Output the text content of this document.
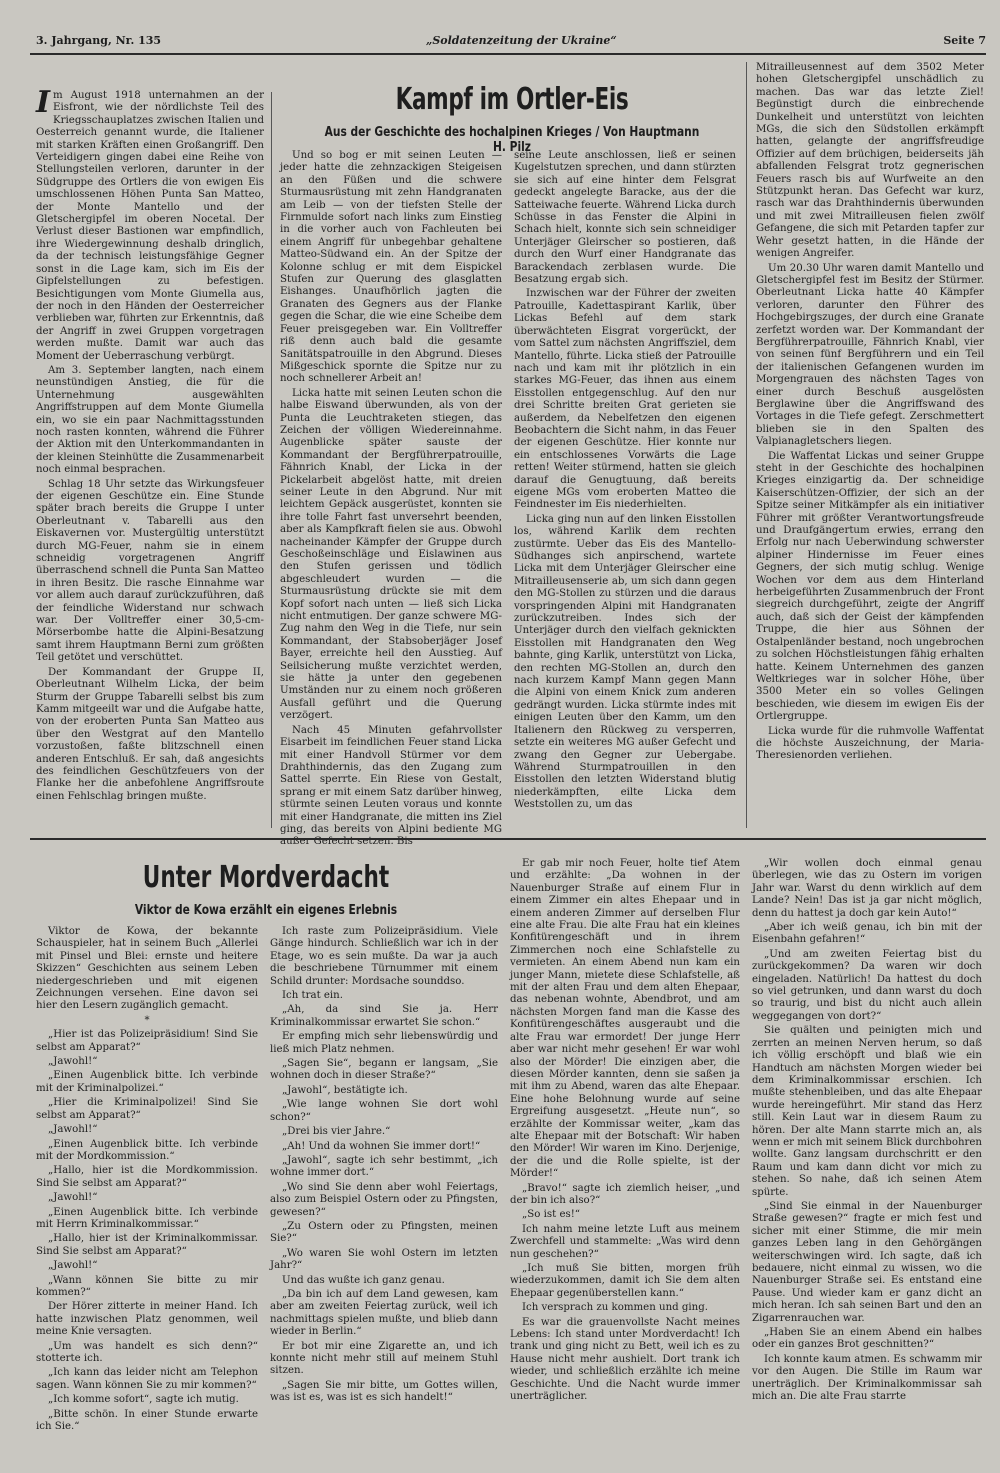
3. Jahrgang, Nr. 135	„Soldatenzeitung der Ukraine“	Seite 7
Kampf im Ortler-Eis
Aus der Geschichte des hochalpinen Krieges / Von Hauptmann H. Pilz

Im August 1918 unternahmen an der Eisfront, wie der nördlichste Teil des Kriegsschauplatzes zwischen Italien und Oesterreich genannt wurde, die Italiener mit starken Kräften einen Großangriff. Den Verteidigern gingen dabei eine Reihe von Stellungsteilen verloren, darunter in der Südgruppe des Ortlers die von ewigen Eis umschlossenen Höhen Punta San Matteo, der Monte Mantello und der Gletschergipfel im oberen Nocetal. Der Verlust dieser Bastionen war empfindlich, ihre Wiedergewinnung deshalb dringlich, da der technisch leistungsfähige Gegner sonst in die Lage kam, sich im Eis der Gipfelstellungen zu befestigen. Besichtigungen vom Monte Giumella aus, der noch in den Händen der Oesterreicher verblieben war, führten zur Erkenntnis, daß der Angriff in zwei Gruppen vorgetragen werden mußte. Damit war auch das Moment der Ueberraschung verbürgt.

Am 3. September langten, nach einem neunstündigen Anstieg, die für die Unternehmung ausgewählten Angriffstruppen auf dem Monte Giumella ein, wo sie ein paar Nachmittagsstunden noch rasten konnten, während die Führer der Aktion mit den Unterkommandanten in der kleinen Steinhütte die Zusammenarbeit noch einmal besprachen.

Schlag 18 Uhr setzte das Wirkungsfeuer der eigenen Geschütze ein. Eine Stunde später brach bereits die Gruppe I unter Oberleutnant v. Tabarelli aus den Eiskavernen vor. Mustergültig unterstützt durch MG-Feuer, nahm sie in einem schneidig vorgetragenen Angriff überraschend schnell die Punta San Matteo in ihren Besitz. Die rasche Einnahme war vor allem auch darauf zurückzuführen, daß der feindliche Widerstand nur schwach war. Der Volltreffer einer 30,5-cm-Mörserbombe hatte die Alpini-Besatzung samt ihrem Hauptmann Berni zum größten Teil getötet und verschüttet.

Der Kommandant der Gruppe II, Oberleutnant Wilhelm Licka, der beim Sturm der Gruppe Tabarelli selbst bis zum Kamm mitgeeilt war und die Aufgabe hatte, von der eroberten Punta San Matteo aus über den Westgrat auf den Mantello vorzustoßen, faßte blitzschnell einen anderen Entschluß. Er sah, daß angesichts des feindlichen Geschützfeuers von der Flanke her die anbefohlene Angriffsroute einen Fehlschlag bringen mußte.

Und so bog er mit seinen Leuten — jeder hatte die zehnzackigen Steigeisen an den Füßen und die schwere Sturmausrüstung mit zehn Handgranaten am Leib — von der tiefsten Stelle der Firnmulde sofort nach links zum Einstieg in die vorher auch von Fachleuten bei einem Angriff für unbegehbar gehaltene Matteo-Südwand ein. An der Spitze der Kolonne schlug er mit dem Eispickel Stufen zur Querung des glasglatten Eishanges. Unaufhörlich jagten die Granaten des Gegners aus der Flanke gegen die Schar, die wie eine Scheibe dem Feuer preisgegeben war. Ein Volltreffer riß denn auch bald die gesamte Sanitätspatrouille in den Abgrund. Dieses Mißgeschick spornte die Spitze nur zu noch schnellerer Arbeit an!

Licka hatte mit seinen Leuten schon die halbe Eiswand überwunden, als von der Punta die Leuchtraketen stiegen, das Zeichen der völligen Wiedereinnahme. Augenblicke später sauste der Kommandant der Bergführerpatrouille, Fähnrich Knabl, der Licka in der Pickelarbeit abgelöst hatte, mit dreien seiner Leute in den Abgrund. Nur mit leichtem Gepäck ausgerüstet, konnten sie ihre tolle Fahrt fast unversehrt beenden, aber als Kampfkraft fielen sie aus. Obwohl nacheinander Kämpfer der Gruppe durch Geschoßeinschläge und Eislawinen aus den Stufen gerissen und tödlich abgeschleudert wurden — die Sturmausrüstung drückte sie mit dem Kopf sofort nach unten — ließ sich Licka nicht entmutigen. Der ganze schwere MG-Zug nahm den Weg in die Tiefe, nur sein Kommandant, der Stabsoberjäger Josef Bayer, erreichte heil den Ausstieg. Auf Seilsicherung mußte verzichtet werden, sie hätte ja unter den gegebenen Umständen nur zu einem noch größeren Ausfall geführt und die Querung verzögert.

Nach 45 Minuten gefahrvollster Eisarbeit im feindlichen Feuer stand Licka mit einer Handvoll Stürmer vor dem Drahthindernis, das den Zugang zum Sattel sperrte. Ein Riese von Gestalt, sprang er mit einem Satz darüber hinweg, stürmte seinen Leuten voraus und konnte mit einer Handgranate, die mitten ins Ziel ging, das bereits von Alpini bediente MG außer Gefecht setzen. Bis

seine Leute anschlossen, ließ er seinen Kugelstutzen sprechen, und dann stürzten sie sich auf eine hinter dem Felsgrat gedeckt angelegte Baracke, aus der die Satteiwache feuerte. Während Licka durch Schüsse in das Fenster die Alpini in Schach hielt, konnte sich sein schneidiger Unterjäger Gleirscher so postieren, daß durch den Wurf einer Handgranate das Barackendach zerblasen wurde. Die Besatzung ergab sich.

Inzwischen war der Führer der zweiten Patrouille, Kadettaspirant Karlik, über Lickas Befehl auf dem stark überwächteten Eisgrat vorgerückt, der vom Sattel zum nächsten Angriffsziel, dem Mantello, führte. Licka stieß der Patrouille nach und kam mit ihr plötzlich in ein starkes MG-Feuer, das ihnen aus einem Eisstollen entgegenschlug. Auf den nur drei Schritte breiten Grat gerieten sie außerdem, da Nebelfetzen den eigenen Beobachtern die Sicht nahm, in das Feuer der eigenen Geschütze. Hier konnte nur ein entschlossenes Vorwärts die Lage retten! Weiter stürmend, hatten sie gleich darauf die Genugtuung, daß bereits eigene MGs vom eroberten Matteo die Feindnester im Eis niederhielten.

Licka ging nun auf den linken Eisstollen los, während Karlik dem rechten zustürmte. Ueber das Eis des Mantello-Südhanges sich anpirschend, wartete Licka mit dem Unterjäger Gleirscher eine Mitrailleusenserie ab, um sich dann gegen den MG-Stollen zu stürzen und die daraus vorspringenden Alpini mit Handgranaten zurückzutreiben. Indes sich der Unterjäger durch den vielfach geknickten Eisstollen mit Handgranaten den Weg bahnte, ging Karlik, unterstützt von Licka, den rechten MG-Stollen an, durch den nach kurzem Kampf Mann gegen Mann die Alpini von einem Knick zum anderen gedrängt wurden. Licka stürmte indes mit einigen Leuten über den Kamm, um den Italienern den Rückweg zu versperren, setzte ein weiteres MG außer Gefecht und zwang den Gegner zur Uebergabe. Während Sturmpatrouillen in den Eisstollen den letzten Widerstand blutig niederkämpften, eilte Licka dem Weststollen zu, um das

Mitrailleusennest auf dem 3502 Meter hohen Gletschergipfel unschädlich zu machen. Das war das letzte Ziel! Begünstigt durch die einbrechende Dunkelheit und unterstützt von leichten MGs, die sich den Südstollen erkämpft hatten, gelangte der angriffsfreudige Offizier auf dem brüchigen, beiderseits jäh abfallenden Felsgrat trotz gegnerischen Feuers rasch bis auf Wurfweite an den Stützpunkt heran. Das Gefecht war kurz, rasch war das Drahthindernis überwunden und mit zwei Mitrailleusen fielen zwölf Gefangene, die sich mit Petarden tapfer zur Wehr gesetzt hatten, in die Hände der wenigen Angreifer.

Um 20.30 Uhr waren damit Mantello und Gletschergipfel fest im Besitz der Stürmer. Oberleutnant Licka hatte 40 Kämpfer verloren, darunter den Führer des Hochgebirgszuges, der durch eine Granate zerfetzt worden war. Der Kommandant der Bergführerpatrouille, Fähnrich Knabl, vier von seinen fünf Bergführern und ein Teil der italienischen Gefangenen wurden im Morgengrauen des nächsten Tages von einer durch Beschuß ausgelösten Berglawine über die Angriffswand des Vortages in die Tiefe gefegt. Zerschmettert blieben sie in den Spalten des Valpianagletschers liegen.

Die Waffentat Lickas und seiner Gruppe steht in der Geschichte des hochalpinen Krieges einzigartig da. Der schneidige Kaiserschützen-Offizier, der sich an der Spitze seiner Mitkämpfer als ein initiativer Führer mit größter Verantwortungsfreude und Draufgängertum erwies, errang den Erfolg nur nach Ueberwindung schwerster alpiner Hindernisse im Feuer eines Gegners, der sich mutig schlug. Wenige Wochen vor dem aus dem Hinterland herbeigeführten Zusammenbruch der Front siegreich durchgeführt, zeigte der Angriff auch, daß sich der Geist der kämpfenden Truppe, die hier aus Söhnen der Ostalpenländer bestand, noch ungebrochen zu solchen Höchstleistungen fähig erhalten hatte. Keinem Unternehmen des ganzen Weltkrieges war in solcher Höhe, über 3500 Meter ein so volles Gelingen beschieden, wie diesem im ewigen Eis der Ortlergruppe.

Licka wurde für die ruhmvolle Waffentat die höchste Auszeichnung, der Maria-Theresienorden verliehen.

Unter Mordverdacht
Viktor de Kowa erzählt ein eigenes Erlebnis

Viktor de Kowa, der bekannte Schauspieler, hat in seinem Buch „Allerlei mit Pinsel und Blei: ernste und heitere Skizzen“ Geschichten aus seinem Leben niedergeschrieben und mit eigenen Zeichnungen versehen. Eine davon sei hier den Lesern zugänglich gemacht.

*

„Hier ist das Polizeipräsidium! Sind Sie selbst am Apparat?“

„Jawohl!“

„Einen Augenblick bitte. Ich verbinde mit der Kriminalpolizei.“

„Hier die Kriminalpolizei! Sind Sie selbst am Apparat?“

„Jawohl!“

„Einen Augenblick bitte. Ich verbinde mit der Mordkommission.“

„Hallo, hier ist die Mordkommission. Sind Sie selbst am Apparat?“

„Jawohl!“

„Einen Augenblick bitte. Ich verbinde mit Herrn Kriminalkommissar.“

„Hallo, hier ist der Kriminalkommissar. Sind Sie selbst am Apparat?“

„Jawohl!“

„Wann können Sie bitte zu mir kommen?“

Der Hörer zitterte in meiner Hand. Ich hatte inzwischen Platz genommen, weil meine Knie versagten.

„Um was handelt es sich denn?“ stotterte ich.

„Ich kann das leider nicht am Telephon sagen. Wann können Sie zu mir kommen?“

„Ich komme sofort“, sagte ich mutig.

„Bitte schön. In einer Stunde erwarte ich Sie.“

Ich raste zum Polizeipräsidium. Viele Gänge hindurch. Schließlich war ich in der Etage, wo es sein mußte. Da war ja auch die beschriebene Türnummer mit einem Schild drunter: Mordsache sounddso.

Ich trat ein.

„Ah, da sind Sie ja. Herr Kriminalkommissar erwartet Sie schon.“

Er empfing mich sehr liebenswürdig und ließ mich Platz nehmen.

„Sagen Sie“, begann er langsam, „Sie wohnen doch in dieser Straße?“

„Jawohl“, bestätigte ich.

„Wie lange wohnen Sie dort wohl schon?“

„Drei bis vier Jahre.“

„Ah! Und da wohnen Sie immer dort!“

„Jawohl“, sagte ich sehr bestimmt, „ich wohne immer dort.“

„Wo sind Sie denn aber wohl Feiertags, also zum Beispiel Ostern oder zu Pfingsten, gewesen?“

„Zu Ostern oder zu Pfingsten, meinen Sie?“

„Wo waren Sie wohl Ostern im letzten Jahr?“

Und das wußte ich ganz genau.

„Da bin ich auf dem Land gewesen, kam aber am zweiten Feiertag zurück, weil ich nachmittags spielen mußte, und blieb dann wieder in Berlin.“

Er bot mir eine Zigarette an, und ich konnte nicht mehr still auf meinem Stuhl sitzen.

„Sagen Sie mir bitte, um Gottes willen, was ist es, was ist es sich handelt!“

Er gab mir noch Feuer, holte tief Atem und erzählte: „Da wohnen in der Nauenburger Straße auf einem Flur in einem Zimmer ein altes Ehepaar und in einem anderen Zimmer auf derselben Flur eine alte Frau. Die alte Frau hat ein kleines Konfitürengeschäft und in ihrem Zimmerchen noch eine Schlafstelle zu vermieten. An einem Abend nun kam ein junger Mann, mietete diese Schlafstelle, aß mit der alten Frau und dem alten Ehepaar, das nebenan wohnte, Abendbrot, und am nächsten Morgen fand man die Kasse des Konfitürengeschäftes ausgeraubt und die alte Frau war ermordet! Der junge Herr aber war nicht mehr gesehen! Er war wohl also der Mörder! Die einzigen aber, die diesen Mörder kannten, denn sie saßen ja mit ihm zu Abend, waren das alte Ehepaar. Eine hohe Belohnung wurde auf seine Ergreifung ausgesetzt. „Heute nun“, so erzählte der Kommissar weiter, „kam das alte Ehepaar mit der Botschaft: Wir haben den Mörder! Wir waren im Kino. Derjenige, der die und die Rolle spielte, ist der Mörder!“

„Bravo!“ sagte ich ziemlich heiser, „und der bin ich also?“

„So ist es!“

Ich nahm meine letzte Luft aus meinem Zwerchfell und stammelte: „Was wird denn nun geschehen?“

„Ich muß Sie bitten, morgen früh wiederzukommen, damit ich Sie dem alten Ehepaar gegenüberstellen kann.“

Ich versprach zu kommen und ging.

Es war die grauenvollste Nacht meines Lebens: Ich stand unter Mordverdacht! Ich trank und ging nicht zu Bett, weil ich es zu Hause nicht mehr aushielt. Dort trank ich wieder, und schließlich erzählte ich meine Geschichte. Und die Nacht wurde immer unerträglicher.

„Wir wollen doch einmal genau überlegen, wie das zu Ostern im vorigen Jahr war. Warst du denn wirklich auf dem Lande? Nein! Das ist ja gar nicht möglich, denn du hattest ja doch gar kein Auto!“

„Aber ich weiß genau, ich bin mit der Eisenbahn gefahren!“

„Und am zweiten Feiertag bist du zurückgekommen? Da waren wir doch eingeladen. Natürlich! Da hattest du doch so viel getrunken, und dann warst du doch so traurig, und bist du nicht auch allein weggegangen von dort?“

Sie quälten und peinigten mich und zerrten an meinen Nerven herum, so daß ich völlig erschöpft und blaß wie ein Handtuch am nächsten Morgen wieder bei dem Kriminalkommissar erschien. Ich mußte stehenbleiben, und das alte Ehepaar wurde hereingeführt. Mir stand das Herz still. Kein Laut war in diesem Raum zu hören. Der alte Mann starrte mich an, als wenn er mich mit seinem Blick durchbohren wollte. Ganz langsam durchschritt er den Raum und kam dann dicht vor mich zu stehen. So nahe, daß ich seinen Atem spürte.

„Sind Sie einmal in der Nauenburger Straße gewesen?“ fragte er mich fest und sicher mit einer Stimme, die mir mein ganzes Leben lang in den Gehörgängen weiterschwingen wird. Ich sagte, daß ich bedauere, nicht einmal zu wissen, wo die Nauenburger Straße sei. Es entstand eine Pause. Und wieder kam er ganz dicht an mich heran. Ich sah seinen Bart und den an Zigarrenrauchen war.

„Haben Sie an einem Abend ein halbes oder ein ganzes Brot geschnitten?“

Ich konnte kaum atmen. Es schwamm mir vor den Augen. Die Stille im Raum war unerträglich. Der Kriminalkommissar sah mich an. Die alte Frau starrte
